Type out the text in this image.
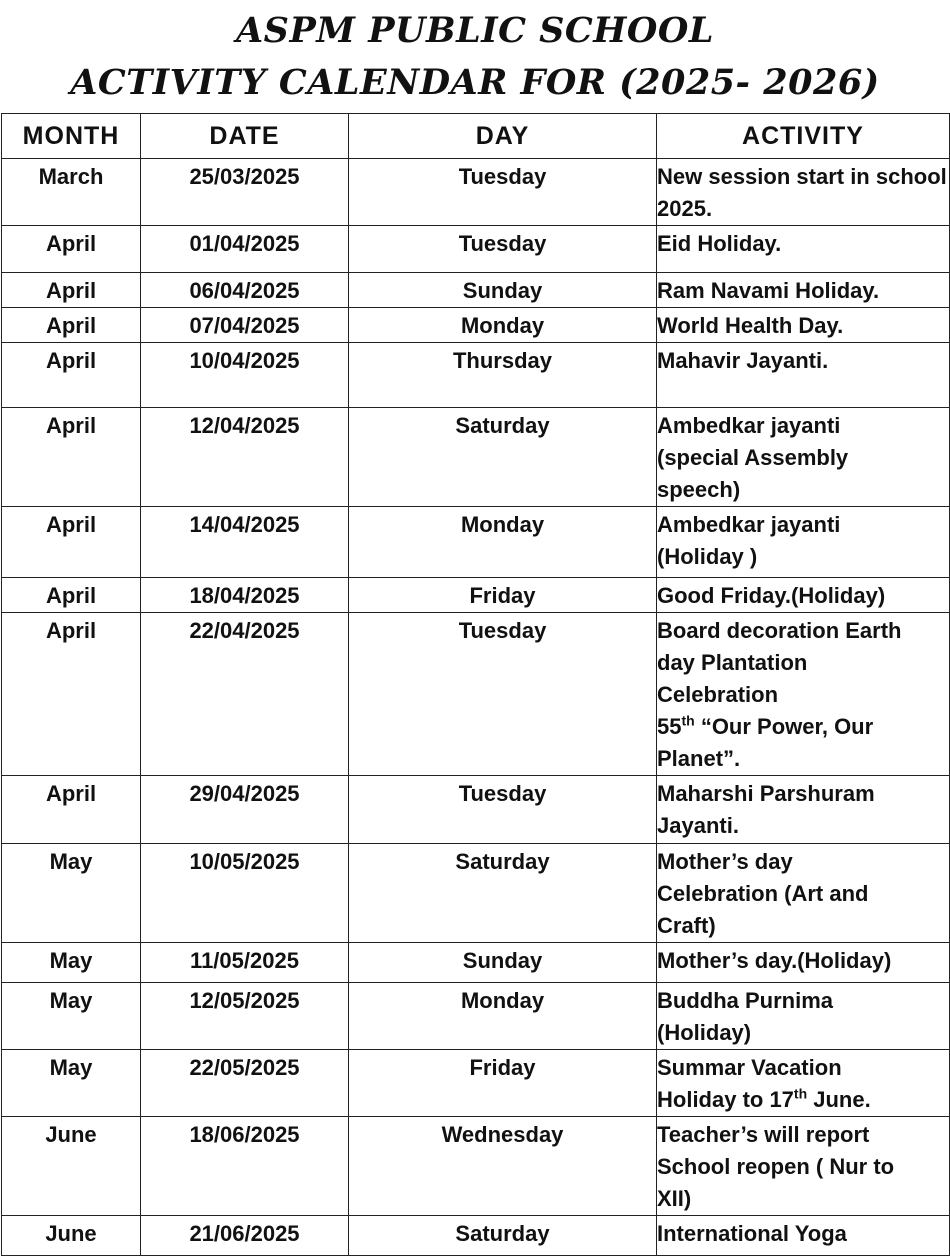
ASPM PUBLIC SCHOOL
ACTIVITY CALENDAR FOR (2025- 2026)
MONTH	DATE	DAY	ACTIVITY
March	25/03/2025	Tuesday	New session start in school
2025.
April	01/04/2025	Tuesday	Eid Holiday.
April	06/04/2025	Sunday	Ram Navami Holiday.
April	07/04/2025	Monday	World Health Day.
April	10/04/2025	Thursday	Mahavir Jayanti.
April	12/04/2025	Saturday	Ambedkar jayanti
(special Assembly
speech)
April	14/04/2025	Monday	Ambedkar jayanti
(Holiday )
April	18/04/2025	Friday	Good Friday.(Holiday)
April	22/04/2025	Tuesday	Board decoration Earth
day Plantation
Celebration
55th “Our Power, Our
Planet”.
April	29/04/2025	Tuesday	Maharshi Parshuram
Jayanti.
May	10/05/2025	Saturday	Mother’s day
Celebration (Art and
Craft)
May	11/05/2025	Sunday	Mother’s day.(Holiday)
May	12/05/2025	Monday	Buddha Purnima
(Holiday)
May	22/05/2025	Friday	Summar Vacation
Holiday to 17th June.
June	18/06/2025	Wednesday	Teacher’s will report
School reopen ( Nur to
XII)
June	21/06/2025	Saturday	International Yoga
